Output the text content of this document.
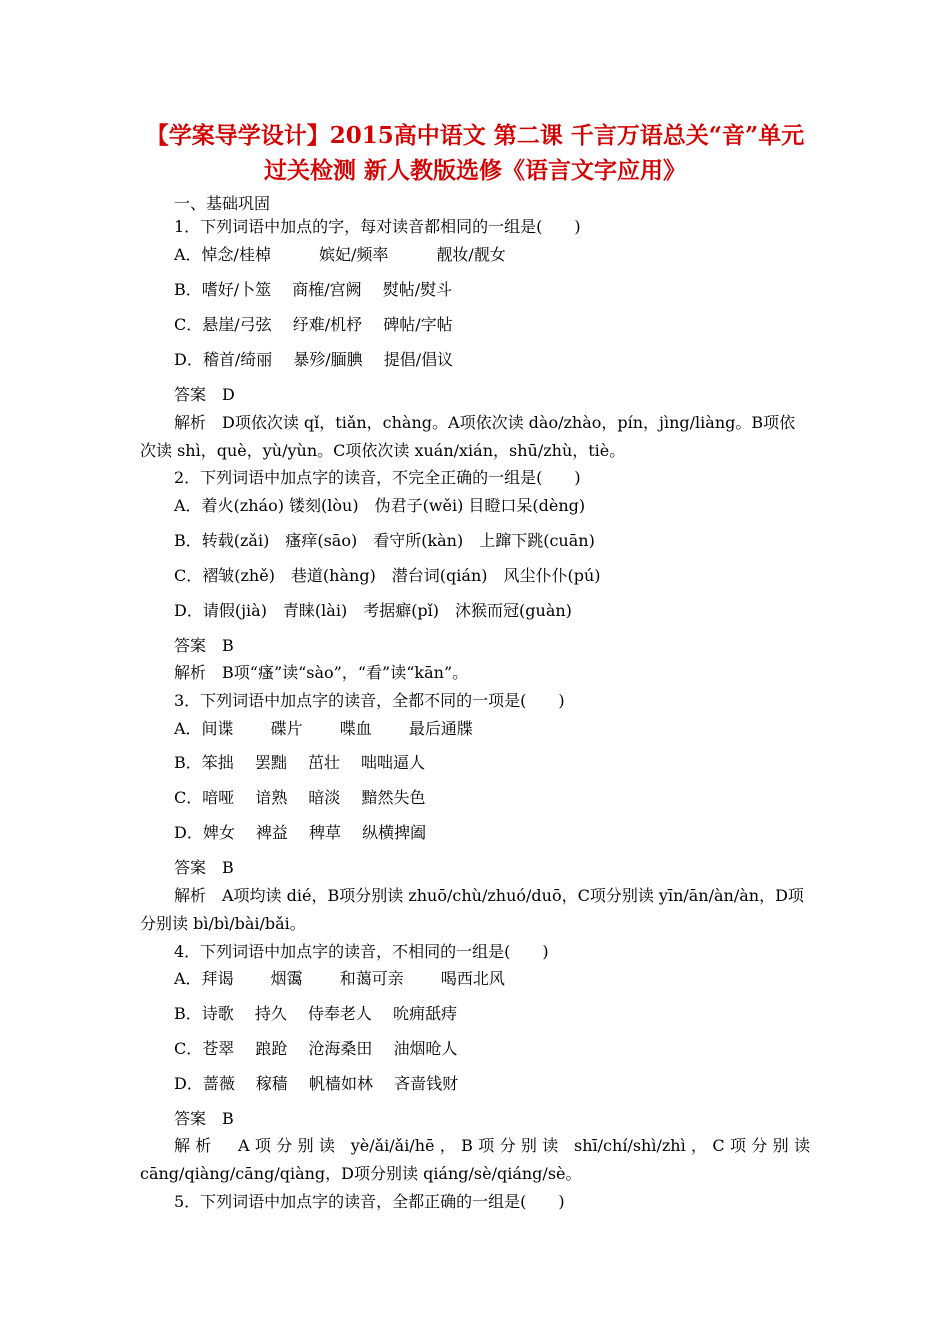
【学案导学设计】2015高中语文 第二课 千言万语总关“音”单元

过关检测 新人教版选修《语言文字应用》

一、基础巩固

1．下列词语中加点的字，每对读音都相同的一组是(　　)

A．悼念/桂棹　　　嫔妃/频率　　　靓妆/靓女

B．嗜好/卜筮　 商榷/宫阙　 熨帖/熨斗

C．悬崖/弓弦　 纾难/机杼　 碑帖/字帖

D．稽首/绮丽　 暴殄/腼腆　 提倡/倡议

答案　D

解析　D项依次读 qǐ，tiǎn，chàng。A项依次读 dào/zhào，pín，jìng/liàng。B项依

次读 shì，què，yù/yùn。C项依次读 xuán/xián，shū/zhù，tiè。

2．下列词语中加点字的读音，不完全正确的一组是(　　)

A．着火(zháo) 镂刻(lòu)　伪君子(wěi) 目瞪口呆(dèng)

B．转载(zǎi)　瘙痒(sāo)　看守所(kàn)　上蹿下跳(cuān)

C．褶皱(zhě)　巷道(hàng)　潜台词(qián)　风尘仆仆(pú)

D．请假(jià)　青睐(lài)　考据癖(pǐ)　沐猴而冠(guàn)

答案　B

解析　B项“瘙”读“sào”，“看”读“kān”。

3．下列词语中加点字的读音，全都不同的一项是(　　)

A．间谍　　 碟片　　 喋血　　 最后通牒

B．笨拙　 罢黜　 茁壮　 咄咄逼人

C．喑哑　 谙熟　 暗淡　 黯然失色

D．婢女　 裨益　 稗草　 纵横捭阖

答案　B

解析　A项均读 dié，B项分别读 zhuō/chù/zhuó/duō，C项分别读 yīn/ān/àn/àn，D项

分别读 bì/bì/bài/bǎi。

4．下列词语中加点字的读音，不相同的一组是(　　)

A．拜谒　　 烟霭　　 和蔼可亲　　 喝西北风

B．诗歌　 持久　 侍奉老人　 吮痈舐痔

C．苍翠　 踉跄　 沧海桑田　 油烟呛人

D．蔷薇　 稼穑　 帆樯如林　 吝啬钱财

答案　B

解析　A项分别读 yè/ǎi/ǎi/hē，B项分别读 shī/chí/shì/zhì，C项分别读

cāng/qiàng/cāng/qiàng，D项分别读 qiáng/sè/qiáng/sè。

5．下列词语中加点字的读音，全都正确的一组是(　　)
